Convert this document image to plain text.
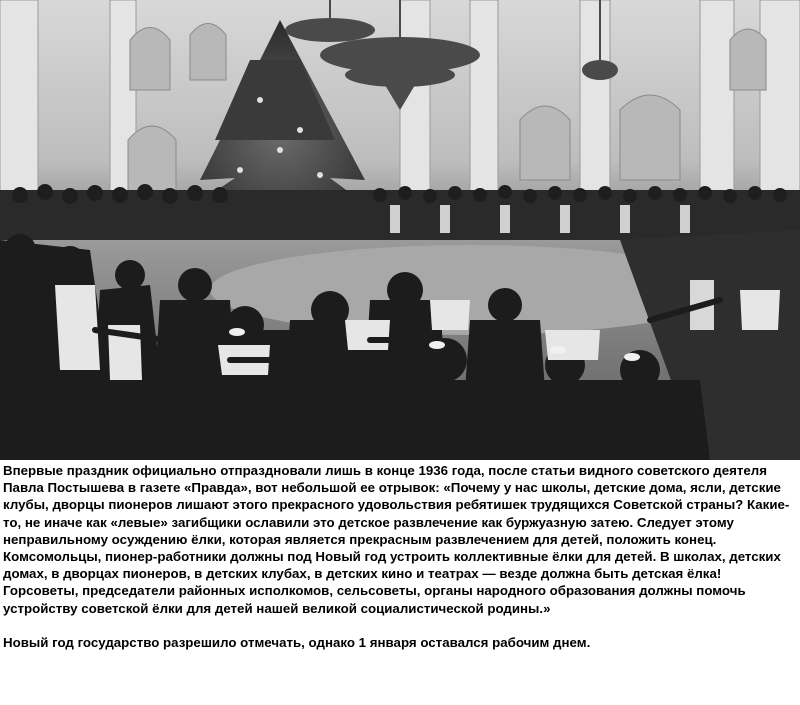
Впервые праздник официально отпраздновали лишь в конце 1936 года, после статьи видного советского деятеля Павла Постышева в газете «Правда», вот небольшой ее отрывок: «Почему у нас школы, детские дома, ясли, детские клубы, дворцы пионеров лишают этого прекрасного удовольствия ребятишек трудящихся Советской страны? Какие-то, не иначе как «левые» загибщики ославили это детское развлечение как буржуазную затею. Следует этому неправильному осуждению ёлки, которая является прекрасным развлечением для детей, положить конец. Комсомольцы, пионер-работники должны под Новый год устроить коллективные ёлки для детей. В школах, детских домах, в дворцах пионеров, в детских клубах, в детских кино и театрах — везде должна быть детская ёлка! Горсоветы, председатели районных исполкомов, сельсоветы, органы народного образования должны помочь устройству советской ёлки для детей нашей великой социалистической родины.»

Новый год государство разрешило отмечать, однако 1 января оставался рабочим днем.
